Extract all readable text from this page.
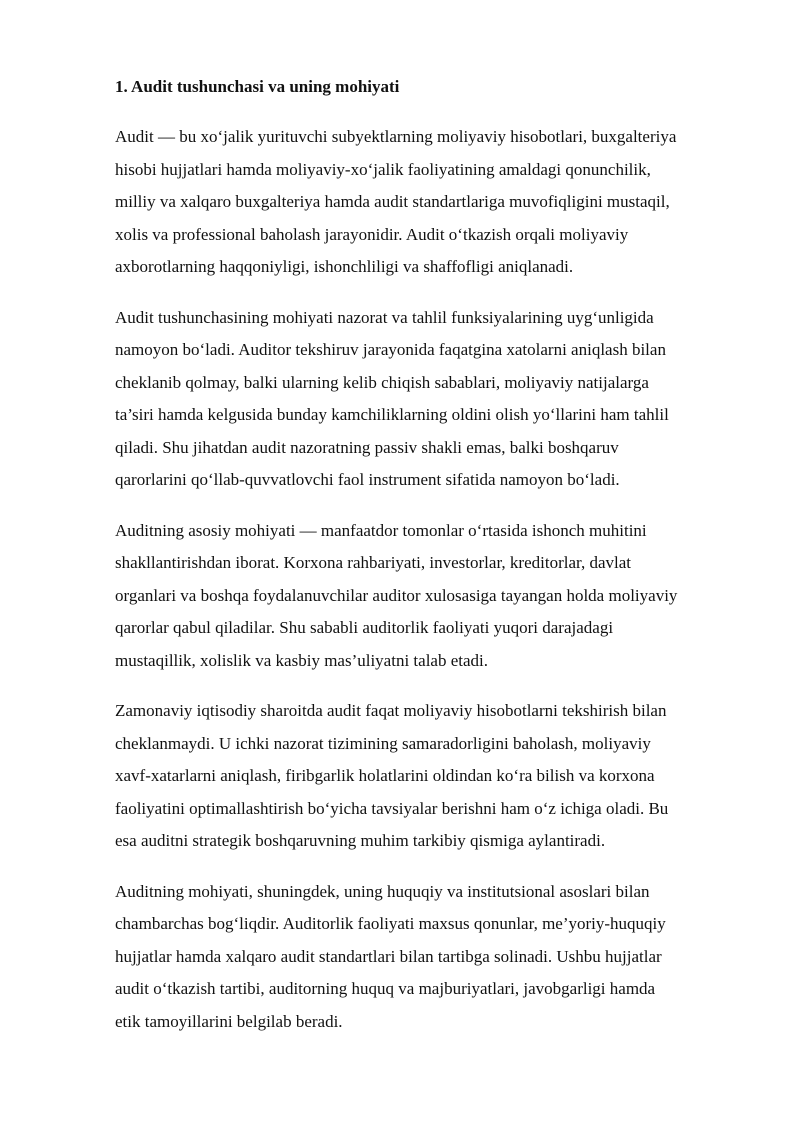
1. Audit tushunchasi va uning mohiyati

Audit — bu xo‘jalik yurituvchi subyektlarning moliyaviy hisobotlari, buxgalteriya
hisobi hujjatlari hamda moliyaviy-xo‘jalik faoliyatining amaldagi qonunchilik,
milliy va xalqaro buxgalteriya hamda audit standartlariga muvofiqligini mustaqil,
xolis va professional baholash jarayonidir. Audit o‘tkazish orqali moliyaviy
axborotlarning haqqoniyligi, ishonchliligi va shaffofligi aniqlanadi.

Audit tushunchasining mohiyati nazorat va tahlil funksiyalarining uyg‘unligida
namoyon bo‘ladi. Auditor tekshiruv jarayonida faqatgina xatolarni aniqlash bilan
cheklanib qolmay, balki ularning kelib chiqish sabablari, moliyaviy natijalarga
ta’siri hamda kelgusida bunday kamchiliklarning oldini olish yo‘llarini ham tahlil
qiladi. Shu jihatdan audit nazoratning passiv shakli emas, balki boshqaruv
qarorlarini qo‘llab-quvvatlovchi faol instrument sifatida namoyon bo‘ladi.

Auditning asosiy mohiyati — manfaatdor tomonlar o‘rtasida ishonch muhitini
shakllantirishdan iborat. Korxona rahbariyati, investorlar, kreditorlar, davlat
organlari va boshqa foydalanuvchilar auditor xulosasiga tayangan holda moliyaviy
qarorlar qabul qiladilar. Shu sababli auditorlik faoliyati yuqori darajadagi
mustaqillik, xolislik va kasbiy mas’uliyatni talab etadi.

Zamonaviy iqtisodiy sharoitda audit faqat moliyaviy hisobotlarni tekshirish bilan
cheklanmaydi. U ichki nazorat tizimining samaradorligini baholash, moliyaviy
xavf-xatarlarni aniqlash, firibgarlik holatlarini oldindan ko‘ra bilish va korxona
faoliyatini optimallashtirish bo‘yicha tavsiyalar berishni ham o‘z ichiga oladi. Bu
esa auditni strategik boshqaruvning muhim tarkibiy qismiga aylantiradi.

Auditning mohiyati, shuningdek, uning huquqiy va institutsional asoslari bilan
chambarchas bog‘liqdir. Auditorlik faoliyati maxsus qonunlar, me’yoriy-huquqiy
hujjatlar hamda xalqaro audit standartlari bilan tartibga solinadi. Ushbu hujjatlar
audit o‘tkazish tartibi, auditorning huquq va majburiyatlari, javobgarligi hamda
etik tamoyillarini belgilab beradi.
